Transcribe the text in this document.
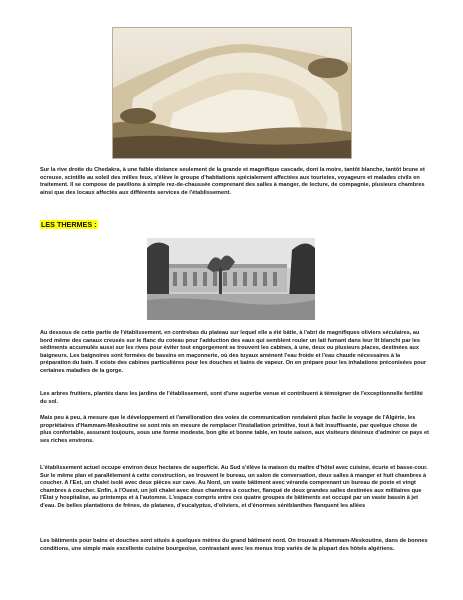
HAMMAM-MESKOUTINE — LA CASCADE

Sur la rive droite du Chedakra, à une faible distance seulement de la grande et magnifique cascade, dont la moire, tantôt blanche, tantôt brune et ocreuse, scintille au soleil des milles feux, s'élève le groupe d'habitations spécialement affectées aux touristes, voyageurs et malades civils en traitement. Il se compose de pavillons à simple rez-de-chaussée comprenant des salles à manger, de lecture, de compagnie, plusieurs chambres ainsi que des locaux affectés aux différents services de l'établissement.

LES THERMES :

Au dessous de cette partie de l'établissement, en contrebas du plateau sur lequel elle a été bâtie, à l'abri de magnifiques oliviers séculaires, au bord même des canaux creusés sur le flanc du coteau pour l'adduction des eaux qui semblent rouler un lait fumant dans leur lit blanchi par les sédiments accumulés aussi sur les rives pour éviter tout engorgement se trouvent les cabines, à une, deux ou plusieurs places, destinées aux baigneurs. Les baignoires sont formées de bassins en maçonnerie, où des tuyaux amènent l'eau froide et l'eau chaude nécessaires à la préparation du bain. Il existe des cabines particulières pour les douches et bains de vapeur. On en prépare pour les inhalations préconisées pour certaines maladies de la gorge.

Les arbres fruitiers, plantés dans les jardins de l'établissement, sont d'une superbe venue et contribuent à témoigner de l'exceptionnelle fertilité du sol.

Mais peu à peu, à mesure que le développement et l'amélioration des voies de communication rendaient plus facile le voyage de l'Algérie, les propriétaires d'Hammam-Meskoutine se sont mis en mesure de remplacer l'installation primitive, tout à fait insuffisante, par quelque chose de plus confortable, assurant toujours, sous une forme modeste, bon gîte et bonne table, en toute saison, aux visiteurs désireux d'admirer ce pays et ses riches environs.

L'établissement actuel occupe environ deux hectares de superficie. Au Sud s'élève la maison du maître d'hôtel avec cuisine, écurie et basse-cour. Sur le même plan et parallèlement à cette construction, se trouvent le bureau, un salon de conversation, deux salles à manger et huit chambres à coucher. A l'Est, un chalet isolé avec deux pièces sur cave. Au Nord, un vaste bâtiment avec véranda comprenant un bureau de poste et vingt chambres à coucher. Enfin, à l'Ouest, un joli chalet avec deux chambres à coucher, flanqué de deux grandes salles destinées aux militaires que l'État y hospitalise, au printemps et à l'automne. L'espace compris entre ces quatre groupes de bâtiments est occupé par un vaste bassin à jet d'eau. De belles plantations de frênes, de platanes, d'eucalyptus, d'oliviers, et d'énormes séréblanthes flanquent les allées

Les bâtiments pour bains et douches sont situés à quelques mètres du grand bâtiment nord. On trouvait à Hammam-Meskoutine, dans de bonnes conditions, une simple mais excellente cuisine bourgeoise, contrastant avec les menus trop variés de la plupart des hôtels algériens.
